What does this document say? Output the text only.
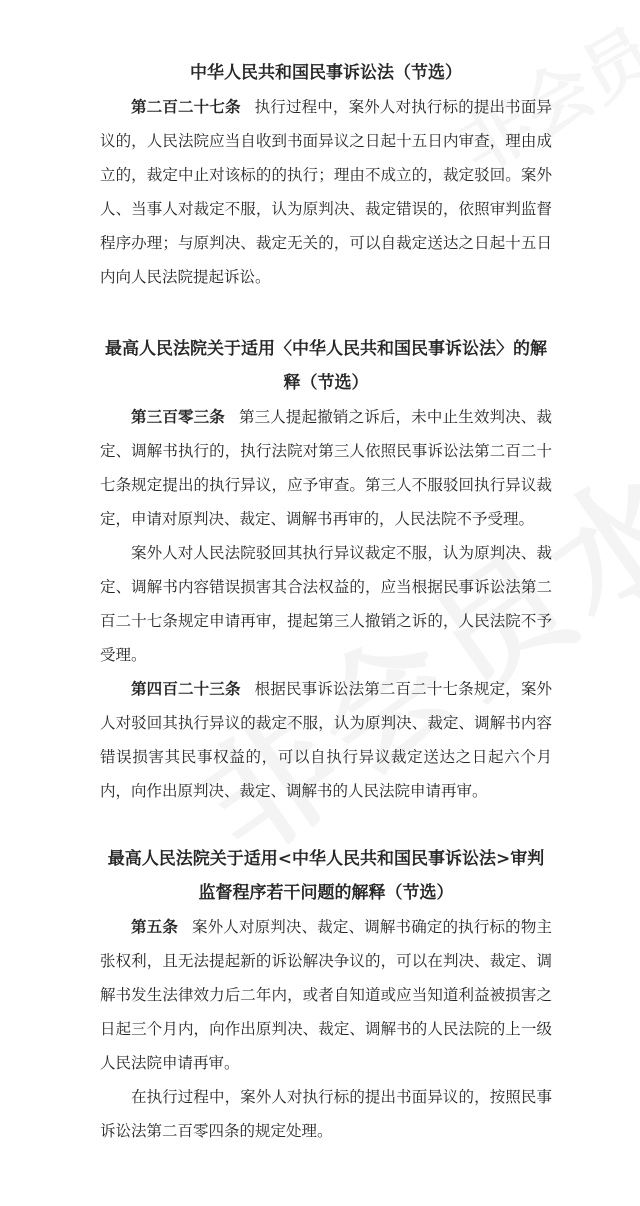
中华人民共和国民事诉讼法（节选）

第二百二十七条 执行过程中，案外人对执行标的提出书面异议的，人民法院应当自收到书面异议之日起十五日内审查，理由成立的，裁定中止对该标的的执行；理由不成立的，裁定驳回。案外人、当事人对裁定不服，认为原判决、裁定错误的，依照审判监督程序办理；与原判决、裁定无关的，可以自裁定送达之日起十五日内向人民法院提起诉讼。

最高人民法院关于适用〈中华人民共和国民事诉讼法〉的解释（节选）

第三百零三条 第三人提起撤销之诉后，未中止生效判决、裁定、调解书执行的，执行法院对第三人依照民事诉讼法第二百二十七条规定提出的执行异议，应予审查。第三人不服驳回执行异议裁定，申请对原判决、裁定、调解书再审的，人民法院不予受理。

案外人对人民法院驳回其执行异议裁定不服，认为原判决、裁定、调解书内容错误损害其合法权益的，应当根据民事诉讼法第二百二十七条规定申请再审，提起第三人撤销之诉的，人民法院不予受理。

第四百二十三条 根据民事诉讼法第二百二十七条规定，案外人对驳回其执行异议的裁定不服，认为原判决、裁定、调解书内容错误损害其民事权益的，可以自执行异议裁定送达之日起六个月内，向作出原判决、裁定、调解书的人民法院申请再审。

最高人民法院关于适用<中华人民共和国民事诉讼法>审判监督程序若干问题的解释（节选）

第五条 案外人对原判决、裁定、调解书确定的执行标的物主张权利，且无法提起新的诉讼解决争议的，可以在判决、裁定、调解书发生法律效力后二年内，或者自知道或应当知道利益被损害之日起三个月内，向作出原判决、裁定、调解书的人民法院的上一级人民法院申请再审。

在执行过程中，案外人对执行标的提出书面异议的，按照民事诉讼法第二百零四条的规定处理。
